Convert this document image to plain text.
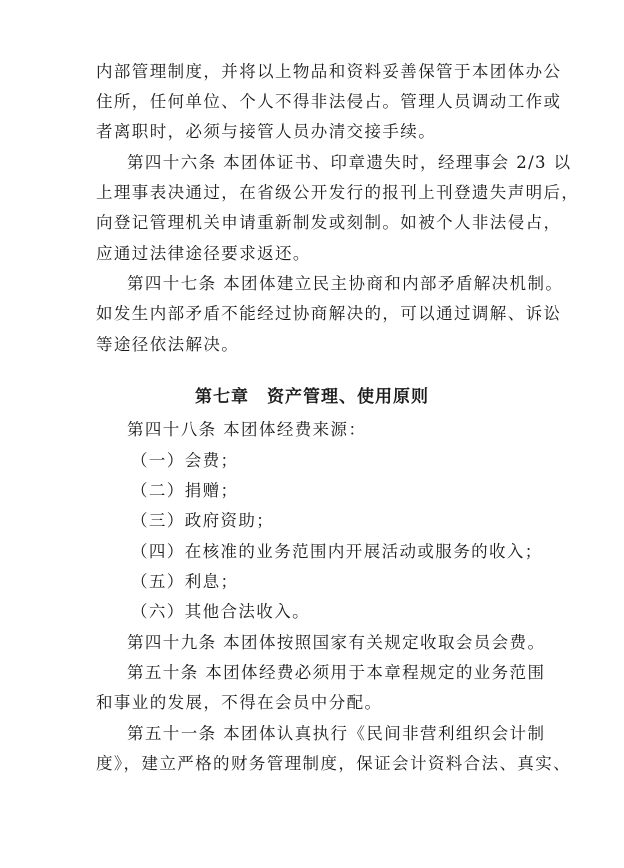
内部管理制度，并将以上物品和资料妥善保管于本团体办公
住所，任何单位、个人不得非法侵占。管理人员调动工作或
者离职时，必须与接管人员办清交接手续。
第四十六条 本团体证书、印章遗失时，经理事会 2/3 以
上理事表决通过，在省级公开发行的报刊上刊登遗失声明后，
向登记管理机关申请重新制发或刻制。如被个人非法侵占，
应通过法律途径要求返还。
第四十七条 本团体建立民主协商和内部矛盾解决机制。
如发生内部矛盾不能经过协商解决的，可以通过调解、诉讼
等途径依法解决。
第七章　资产管理、使用原则
第四十八条 本团体经费来源：
（一）会费；
（二）捐赠；
（三）政府资助；
（四）在核准的业务范围内开展活动或服务的收入；
（五）利息；
（六）其他合法收入。
第四十九条 本团体按照国家有关规定收取会员会费。
第五十条 本团体经费必须用于本章程规定的业务范围
和事业的发展，不得在会员中分配。
第五十一条 本团体认真执行《民间非营利组织会计制
度》，建立严格的财务管理制度，保证会计资料合法、真实、
